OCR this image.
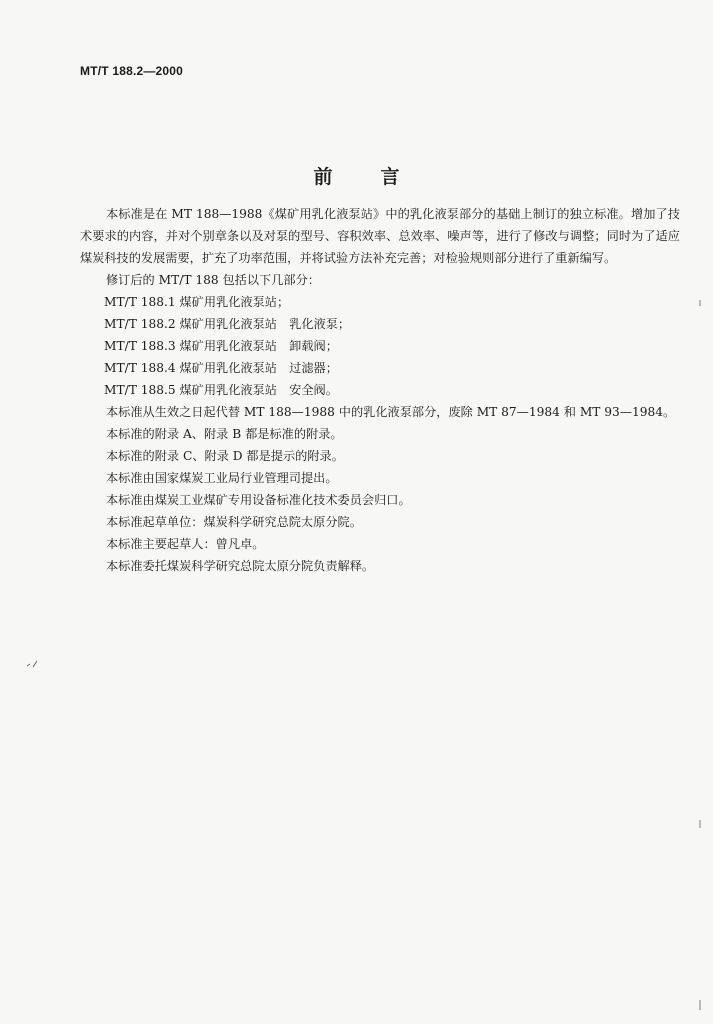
MT/T 188.2—2000
前言

本标准是在 MT 188—1988《煤矿用乳化液泵站》中的乳化液泵部分的基础上制订的独立标准。增加了技术要求的内容，并对个别章条以及对泵的型号、容积效率、总效率、噪声等，进行了修改与调整；同时为了适应煤炭科技的发展需要，扩充了功率范围，并将试验方法补充完善；对检验规则部分进行了重新编写。

修订后的 MT/T 188 包括以下几部分：

MT/T 188.1 煤矿用乳化液泵站；

MT/T 188.2 煤矿用乳化液泵站　乳化液泵；

MT/T 188.3 煤矿用乳化液泵站　卸载阀；

MT/T 188.4 煤矿用乳化液泵站　过滤器；

MT/T 188.5 煤矿用乳化液泵站　安全阀。

本标准从生效之日起代替 MT 188—1988 中的乳化液泵部分，废除 MT 87—1984 和 MT 93—1984。

本标准的附录 A、附录 B 都是标准的附录。

本标准的附录 C、附录 D 都是提示的附录。

本标准由国家煤炭工业局行业管理司提出。

本标准由煤炭工业煤矿专用设备标准化技术委员会归口。

本标准起草单位：煤炭科学研究总院太原分院。

本标准主要起草人：曾凡卓。

本标准委托煤炭科学研究总院太原分院负责解释。
